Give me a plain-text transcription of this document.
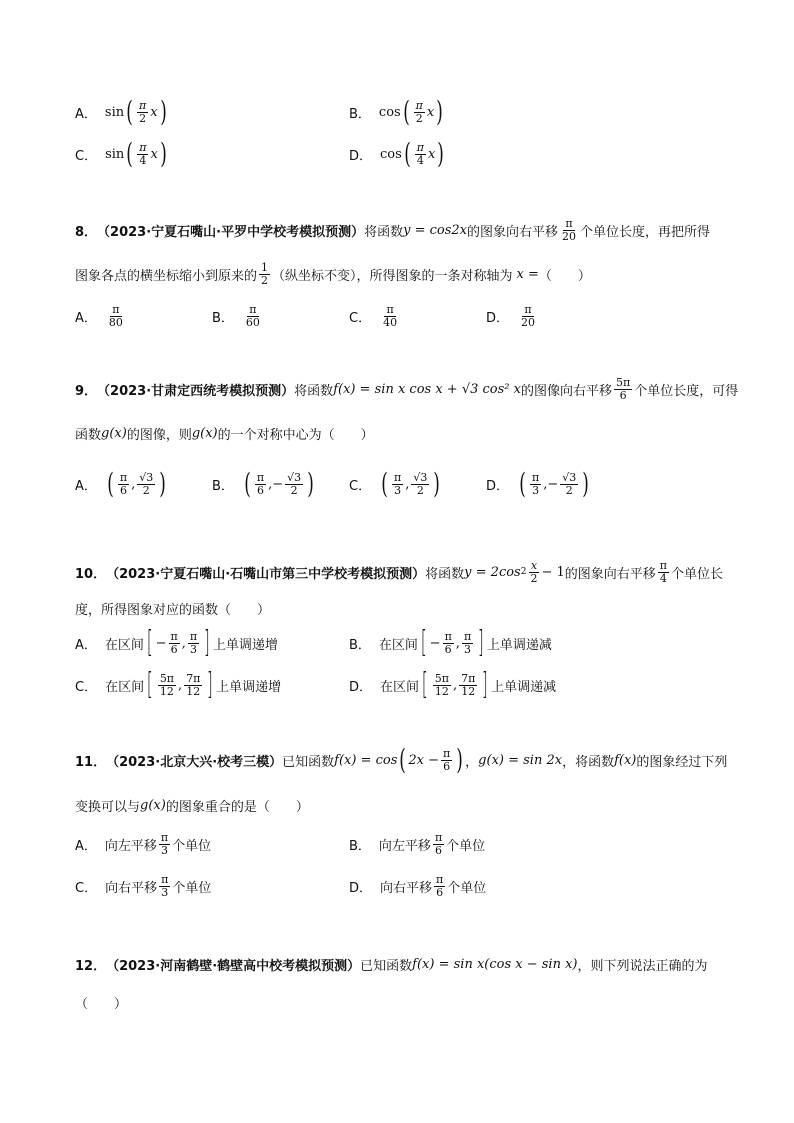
A． sin ( $\frac{\pi}{2}$ x )	B． cos ( $\frac{\pi}{2}$ x )
C． sin ( $\frac{\pi}{4}$ x )	D． cos ( $\frac{\pi}{4}$ x )
8． （2023·宁夏石嘴山·平罗中学校考模拟预测） 将函数 y = cos2x 的图象向右平移 $\frac{\pi}{20}$ 个单位长度，再把所得
图象各点的横坐标缩小到原来的 $\frac{1}{2}$ （纵坐标不变），所得图象的一条对称轴为 x = （　　）
A． $\frac{\pi}{80}$	B． $\frac{\pi}{60}$	C． $\frac{\pi}{40}$	D． $\frac{\pi}{20}$
9． （2023·甘肃定西统考模拟预测） 将函数 f(x) = sin x cos x + √3 cos² x 的图像向右平移 $\frac{5\pi}{6}$ 个单位长度，可得
函数 g(x) 的图像，则 g(x) 的一个对称中心为（　　）
A． ( $\frac{\pi}{6}$ , $\frac{√3}{2}$ )	B． ( $\frac{\pi}{6}$ , − $\frac{√3}{2}$ )	C． ( $\frac{\pi}{3}$ , $\frac{√3}{2}$ )	D． ( $\frac{\pi}{3}$ , − $\frac{√3}{2}$ )
10． （2023·宁夏石嘴山·石嘴山市第三中学校考模拟预测） 将函数 y = 2cos $2 \frac{x}{2} - 1$ 的图象向右平移 $\frac{\pi}{4}$ 个单位长
度，所得图象对应的函数（　　）
A． 在区间 [ − $\frac{\pi}{6}$ , $\frac{\pi}{3}$ ] 上单调递增	B． 在区间 [ − $\frac{\pi}{6}$ , $\frac{\pi}{3}$ ] 上单调递减
C． 在区间 [ $\frac{5\pi}{12}$ , $\frac{7\pi}{12}$ ] 上单调递增	D． 在区间 [ $\frac{5\pi}{12}$ , $\frac{7\pi}{12}$ ] 上单调递减
11． （2023·北京大兴·校考三模） 已知函数 f(x) = cos ( $2x - \frac{\pi}{6}$ ) ， g(x) = sin 2x ，将函数 f(x) 的图象经过下列
变换可以与 g(x) 的图象重合的是（　　）
A． 向左平移 $\frac{\pi}{3}$ 个单位	B． 向左平移 $\frac{\pi}{6}$ 个单位
C． 向右平移 $\frac{\pi}{3}$ 个单位	D． 向右平移 $\frac{\pi}{6}$ 个单位
12． （2023·河南鹤壁·鹤壁高中校考模拟预测） 已知函数 f(x) = sin x(cos x − sin x) ，则下列说法正确的为
（　　）
